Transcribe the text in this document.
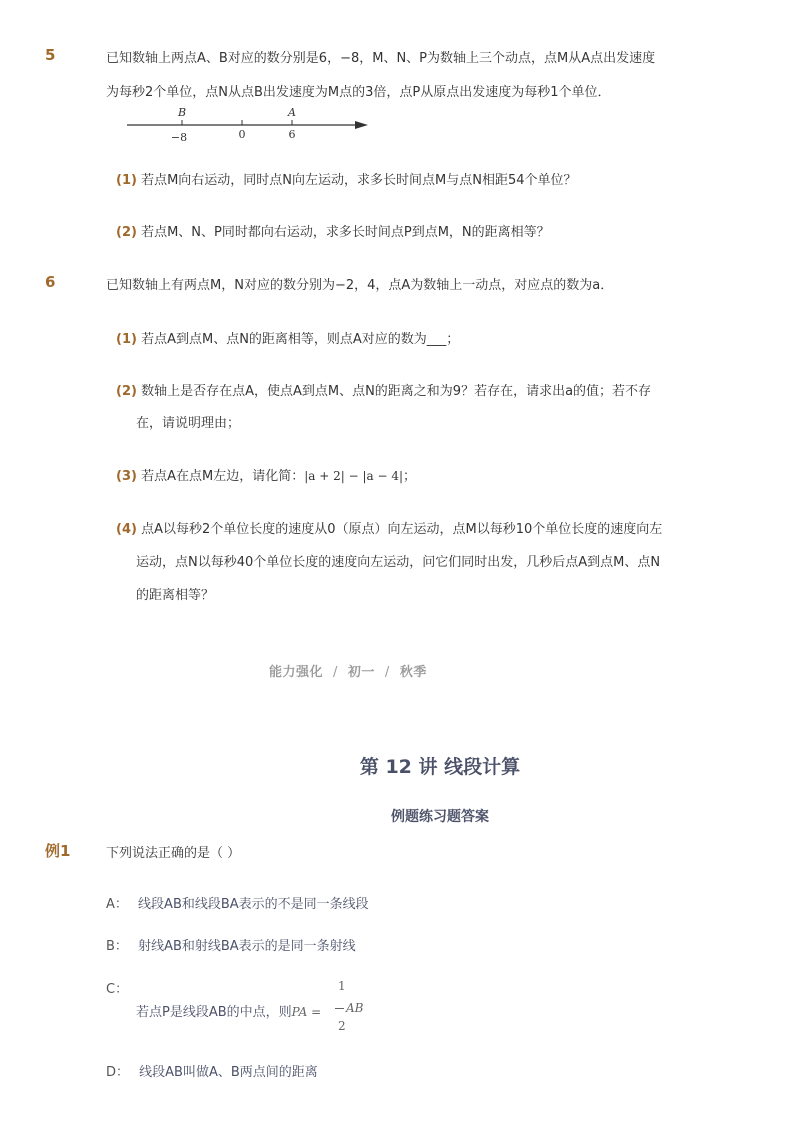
5	已知数轴上两点A、B对应的数分别是6，−8，M、N、P为数轴上三个动点，点M从A点出发速度
为每秒2个单位，点N从点B出发速度为M点的3倍，点P从原点出发速度为每秒1个单位．
B	A
−8	0	6
(1) 若点M向右运动，同时点N向左运动，求多长时间点M与点N相距54个单位？
(2) 若点M、N、P同时都向右运动，求多长时间点P到点M，N的距离相等？
6	已知数轴上有两点M，N对应的数分别为−2，4，点A为数轴上一动点，对应点的数为a．
(1) 若点A到点M、点N的距离相等，则点A对应的数为___；
(2) 数轴上是否存在点A，使点A到点M、点N的距离之和为9？若存在，请求出a的值；若不存
在，请说明理由；
(3) 若点A在点M左边，请化简：|a + 2| − |a − 4|；
(4) 点A以每秒2个单位长度的速度从0（原点）向左运动，点M以每秒10个单位长度的速度向左
运动，点N以每秒40个单位长度的速度向左运动，问它们同时出发，几秒后点A到点M、点N
的距离相等？
能力强化 / 初一 / 秋季
第 12 讲 线段计算
例题练习题答案
例1	下列说法正确的是（ ）
A： 线段AB和线段BA表示的不是同一条线段
B： 射线AB和射线BA表示的是同一条射线
C：
若点P是线段AB的中点，则PA =
1
2
AB
D： 线段AB叫做A、B两点间的距离
